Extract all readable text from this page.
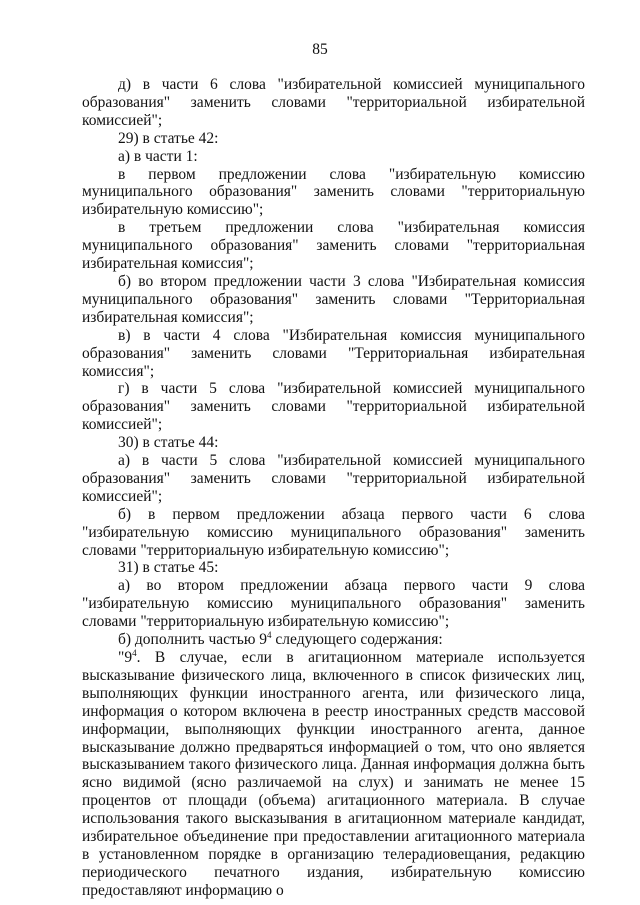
85

д) в части 6 слова "избирательной комиссией муниципального образования" заменить словами "территориальной избирательной комиссией";

29) в статье 42:

а) в части 1:

в первом предложении слова "избирательную комиссию муниципального образования" заменить словами "территориальную избирательную комиссию";

в третьем предложении слова "избирательная комиссия муниципального образования" заменить словами "территориальная избирательная комиссия";

б) во втором предложении части 3 слова "Избирательная комиссия муниципального образования" заменить словами "Территориальная избирательная комиссия";

в) в части 4 слова "Избирательная комиссия муниципального образования" заменить словами "Территориальная избирательная комиссия";

г) в части 5 слова "избирательной комиссией муниципального образования" заменить словами "территориальной избирательной комиссией";

30) в статье 44:

а) в части 5 слова "избирательной комиссией муниципального образования" заменить словами "территориальной избирательной комиссией";

б) в первом предложении абзаца первого части 6 слова "избирательную комиссию муниципального образования" заменить словами "территориальную избирательную комиссию";

31) в статье 45:

а) во втором предложении абзаца первого части 9 слова "избирательную комиссию муниципального образования" заменить словами "территориальную избирательную комиссию";

б) дополнить частью $9^4$ следующего содержания:

"$9^4$. В случае, если в агитационном материале используется высказывание физического лица, включенного в список физических лиц, выполняющих функции иностранного агента, или физического лица, информация о котором включена в реестр иностранных средств массовой информации, выполняющих функции иностранного агента, данное высказывание должно предваряться информацией о том, что оно является высказыванием такого физического лица. Данная информация должна быть ясно видимой (ясно различаемой на слух) и занимать не менее 15 процентов от площади (объема) агитационного материала. В случае использования такого высказывания в агитационном материале кандидат, избирательное объединение при предоставлении агитационного материала в установленном порядке в организацию телерадиовещания, редакцию периодического печатного издания, избирательную комиссию предоставляют информацию о
